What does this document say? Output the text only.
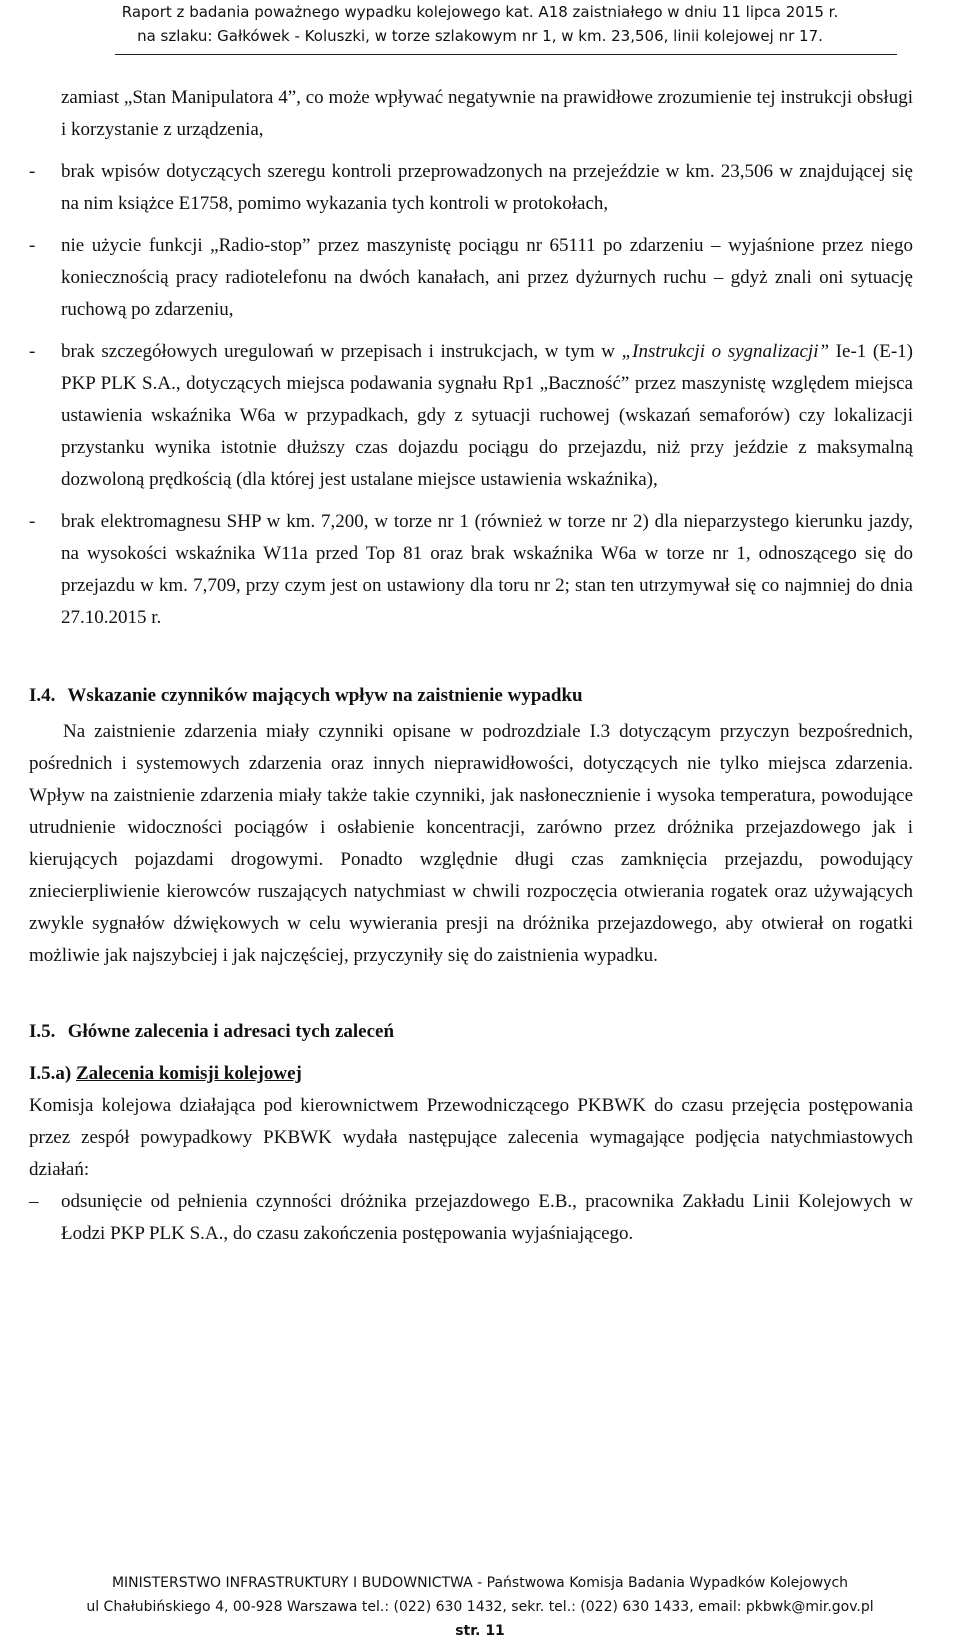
Raport z badania poważnego wypadku kolejowego kat. A18 zaistniałego w dniu 11 lipca 2015 r.
na szlaku: Gałkówek - Koluszki, w torze szlakowym nr 1, w km. 23,506, linii kolejowej nr 17.
zamiast „Stan Manipulatora 4”, co może wpływać negatywnie na prawidłowe zrozumienie tej instrukcji obsługi i korzystanie z urządzenia,
- brak wpisów dotyczących szeregu kontroli przeprowadzonych na przejeździe w km. 23,506 w znajdującej się na nim książce E1758, pomimo wykazania tych kontroli w protokołach,
- nie użycie funkcji „Radio-stop” przez maszynistę pociągu nr 65111 po zdarzeniu – wyjaśnione przez niego koniecznością pracy radiotelefonu na dwóch kanałach, ani przez dyżurnych ruchu – gdyż znali oni sytuację ruchową po zdarzeniu,
- brak szczegółowych uregulowań w przepisach i instrukcjach, w tym w „Instrukcji o sygnalizacji” Ie-1 (E-1) PKP PLK S.A., dotyczących miejsca podawania sygnału Rp1 „Baczność” przez maszynistę względem miejsca ustawienia wskaźnika W6a w przypadkach, gdy z sytuacji ruchowej (wskazań semaforów) czy lokalizacji przystanku wynika istotnie dłuższy czas dojazdu pociągu do przejazdu, niż przy jeździe z maksymalną dozwoloną prędkością (dla której jest ustalane miejsce ustawienia wskaźnika),
- brak elektromagnesu SHP w km. 7,200, w torze nr 1 (również w torze nr 2) dla nieparzystego kierunku jazdy, na wysokości wskaźnika W11a przed Top 81 oraz brak wskaźnika W6a w torze nr 1, odnoszącego się do przejazdu w km. 7,709, przy czym jest on ustawiony dla toru nr 2; stan ten utrzymywał się co najmniej do dnia 27.10.2015 r.
I.4. Wskazanie czynników mających wpływ na zaistnienie wypadku
Na zaistnienie zdarzenia miały czynniki opisane w podrozdziale I.3 dotyczącym przyczyn bezpośrednich, pośrednich i systemowych zdarzenia oraz innych nieprawidłowości, dotyczących nie tylko miejsca zdarzenia. Wpływ na zaistnienie zdarzenia miały także takie czynniki, jak nasłonecznienie i wysoka temperatura, powodujące utrudnienie widoczności pociągów i osłabienie koncentracji, zarówno przez dróżnika przejazdowego jak i kierujących pojazdami drogowymi. Ponadto względnie długi czas zamknięcia przejazdu, powodujący zniecierpliwienie kierowców ruszających natychmiast w chwili rozpoczęcia otwierania rogatek oraz używających zwykle sygnałów dźwiękowych w celu wywierania presji na dróżnika przejazdowego, aby otwierał on rogatki możliwie jak najszybciej i jak najczęściej, przyczyniły się do zaistnienia wypadku.
I.5. Główne zalecenia i adresaci tych zaleceń
I.5.a) Zalecenia komisji kolejowej
Komisja kolejowa działająca pod kierownictwem Przewodniczącego PKBWK do czasu przejęcia postępowania przez zespół powypadkowy PKBWK wydała następujące zalecenia wymagające podjęcia natychmiastowych działań:
– odsunięcie od pełnienia czynności dróżnika przejazdowego E.B., pracownika Zakładu Linii Kolejowych w Łodzi PKP PLK S.A., do czasu zakończenia postępowania wyjaśniającego.
MINISTERSTWO INFRASTRUKTURY I BUDOWNICTWA - Państwowa Komisja Badania Wypadków Kolejowych
ul Chałubińskiego 4, 00-928 Warszawa tel.: (022) 630 1432, sekr. tel.: (022) 630 1433, email: pkbwk@mir.gov.pl
str. 11
